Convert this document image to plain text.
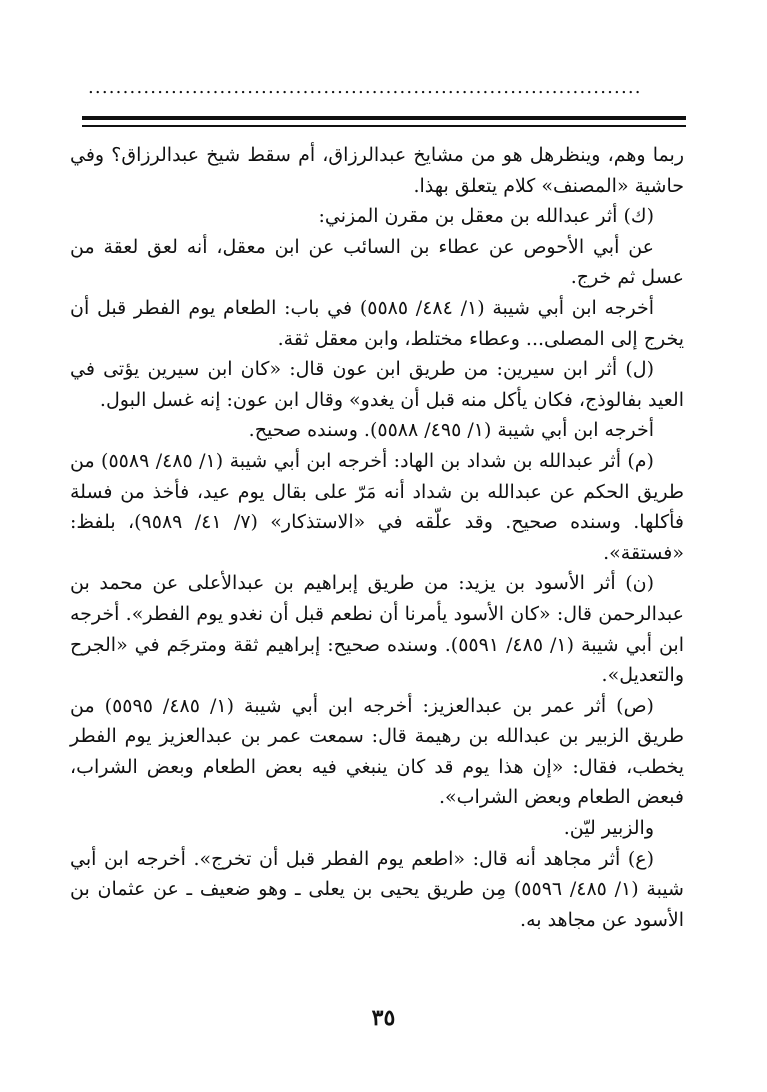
................................................................................

ربما وهم، وينظرهل هو من مشايخ عبدالرزاق، أم سقط شيخ عبدالرزاق؟ وفي حاشية «المصنف» كلام يتعلق بهذا.

(ك) أثر عبدالله بن معقل بن مقرن المزني:

عن أبي الأحوص عن عطاء بن السائب عن ابن معقل، أنه لعق لعقة من عسل ثم خرج.

أخرجه ابن أبي شيبة (١/ ٤٨٤/ ٥٥٨٥) في باب: الطعام يوم الفطر قبل أن يخرج إلى المصلى... وعطاء مختلط، وابن معقل ثقة.

(ل) أثر ابن سيرين: من طريق ابن عون قال: «كان ابن سيرين يؤتى في العيد بفالوذج، فكان يأكل منه قبل أن يغدو» وقال ابن عون: إنه غسل البول.

أخرجه ابن أبي شيبة (١/ ٤٩٥/ ٥٥٨٨). وسنده صحيح.

(م) أثر عبدالله بن شداد بن الهاد: أخرجه ابن أبي شيبة (١/ ٤٨٥/ ٥٥٨٩) من طريق الحكم عن عبدالله بن شداد أنه مَرّ على بقال يوم عيد، فأخذ من فسلة فأكلها. وسنده صحيح. وقد علّقه في «الاستذكار» (٧/ ٤١/ ٩٥٨٩)، بلفظ: «فستقة».

(ن) أثر الأسود بن يزيد: من طريق إبراهيم بن عبدالأعلى عن محمد بن عبدالرحمن قال: «كان الأسود يأمرنا أن نطعم قبل أن نغدو يوم الفطر». أخرجه ابن أبي شيبة (١/ ٤٨٥/ ٥٥٩١). وسنده صحيح: إبراهيم ثقة ومترجَم في «الجرح والتعديل».

(ص) أثر عمر بن عبدالعزيز: أخرجه ابن أبي شيبة (١/ ٤٨٥/ ٥٥٩٥) من طريق الزبير بن عبدالله بن رهيمة قال: سمعت عمر بن عبدالعزيز يوم الفطر يخطب، فقال: «إن هذا يوم قد كان ينبغي فيه بعض الطعام وبعض الشراب، فبعض الطعام وبعض الشراب».

والزبير ليّن.

(ع) أثر مجاهد أنه قال: «اطعم يوم الفطر قبل أن تخرج». أخرجه ابن أبي شيبة (١/ ٤٨٥/ ٥٥٩٦) مِن طريق يحيى بن يعلى ـ وهو ضعيف ـ عن عثمان بن الأسود عن مجاهد به.

٣٥
